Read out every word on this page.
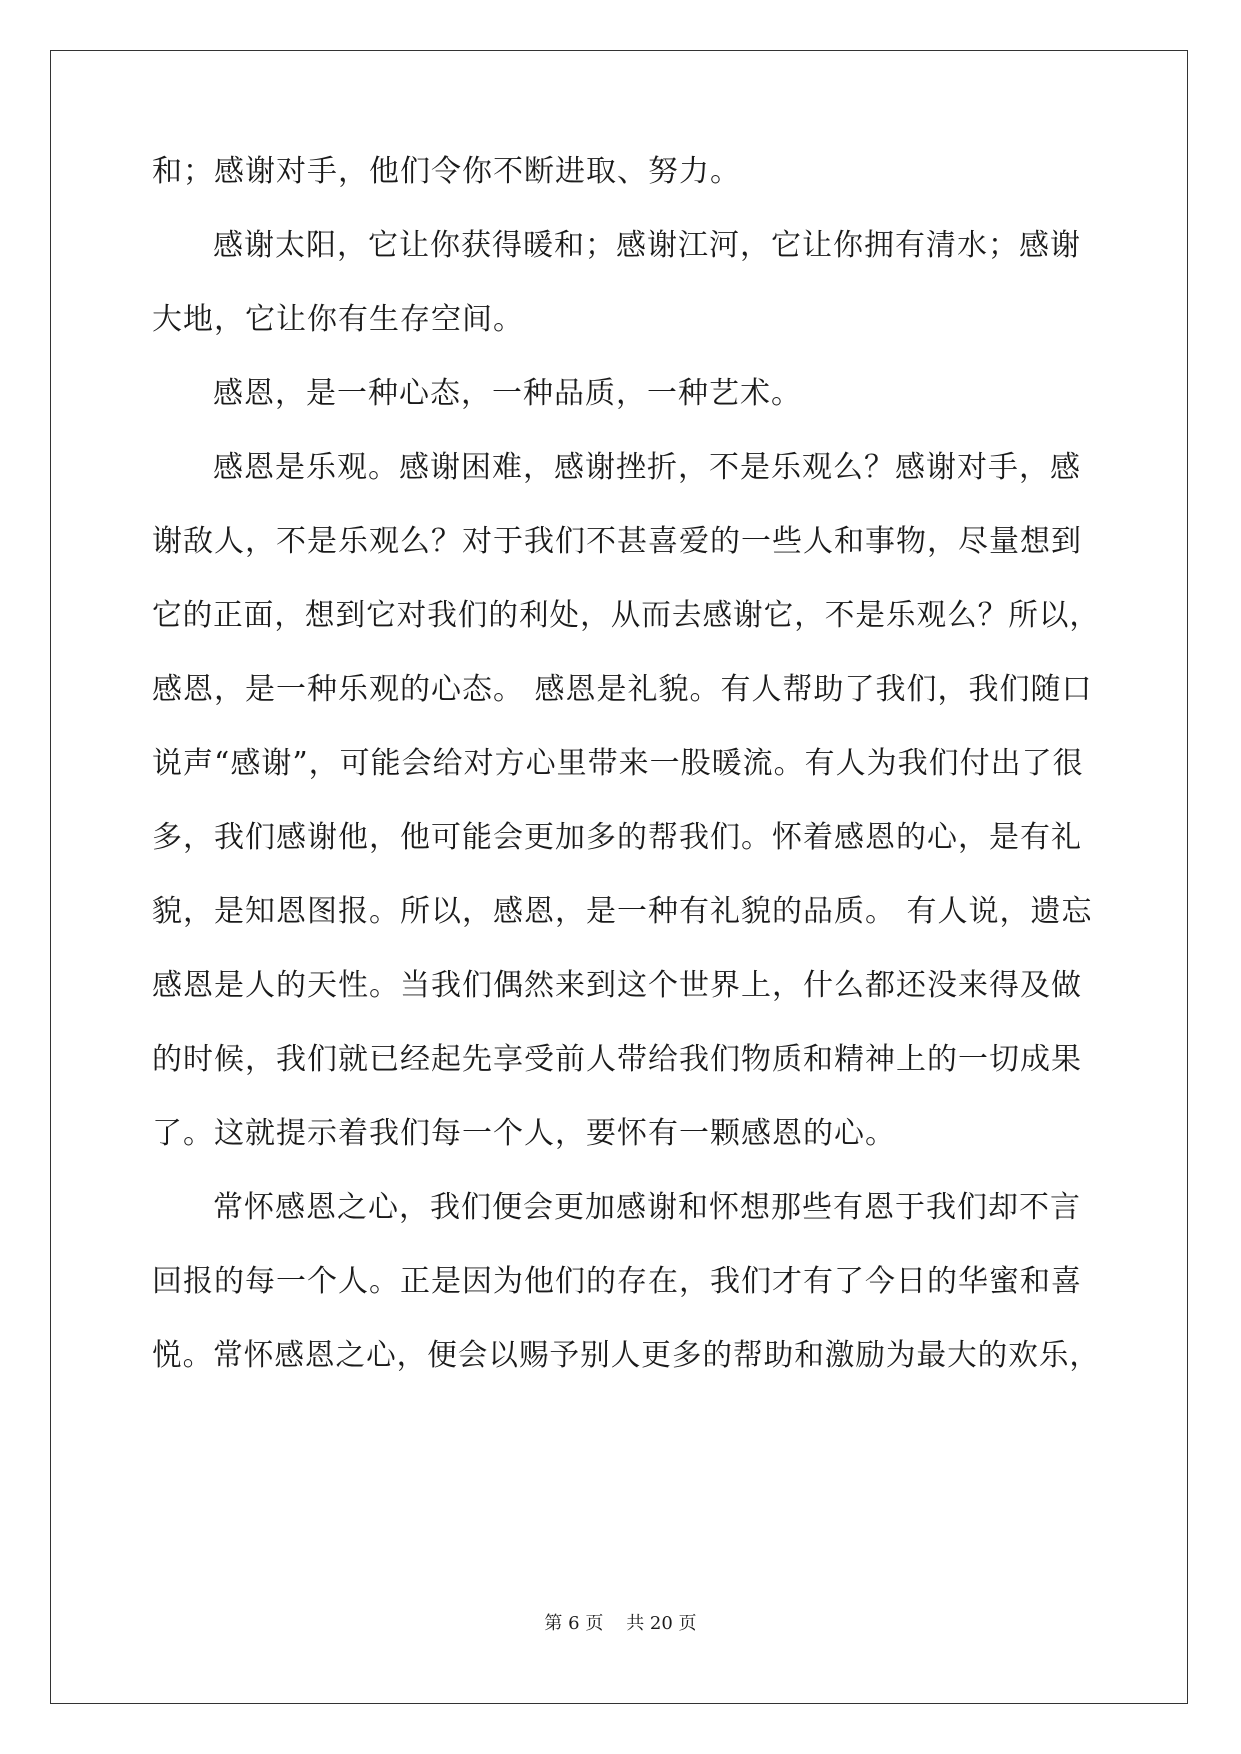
和；感谢对手，他们令你不断进取、努力。
感谢太阳，它让你获得暖和；感谢江河，它让你拥有清水；感谢
大地，它让你有生存空间。
感恩，是一种心态，一种品质，一种艺术。
感恩是乐观。感谢困难，感谢挫折，不是乐观么？感谢对手，感
谢敌人，不是乐观么？对于我们不甚喜爱的一些人和事物，尽量想到
它的正面，想到它对我们的利处，从而去感谢它，不是乐观么？所以，
感恩，是一种乐观的心态。 感恩是礼貌。有人帮助了我们，我们随口
说声“感谢”，可能会给对方心里带来一股暖流。有人为我们付出了很
多，我们感谢他，他可能会更加多的帮我们。怀着感恩的心，是有礼
貌，是知恩图报。所以，感恩，是一种有礼貌的品质。 有人说，遗忘
感恩是人的天性。当我们偶然来到这个世界上，什么都还没来得及做
的时候，我们就已经起先享受前人带给我们物质和精神上的一切成果
了。这就提示着我们每一个人，要怀有一颗感恩的心。
常怀感恩之心，我们便会更加感谢和怀想那些有恩于我们却不言
回报的每一个人。正是因为他们的存在，我们才有了今日的华蜜和喜
悦。常怀感恩之心，便会以赐予别人更多的帮助和激励为最大的欢乐，
第 6 页    共 20 页
